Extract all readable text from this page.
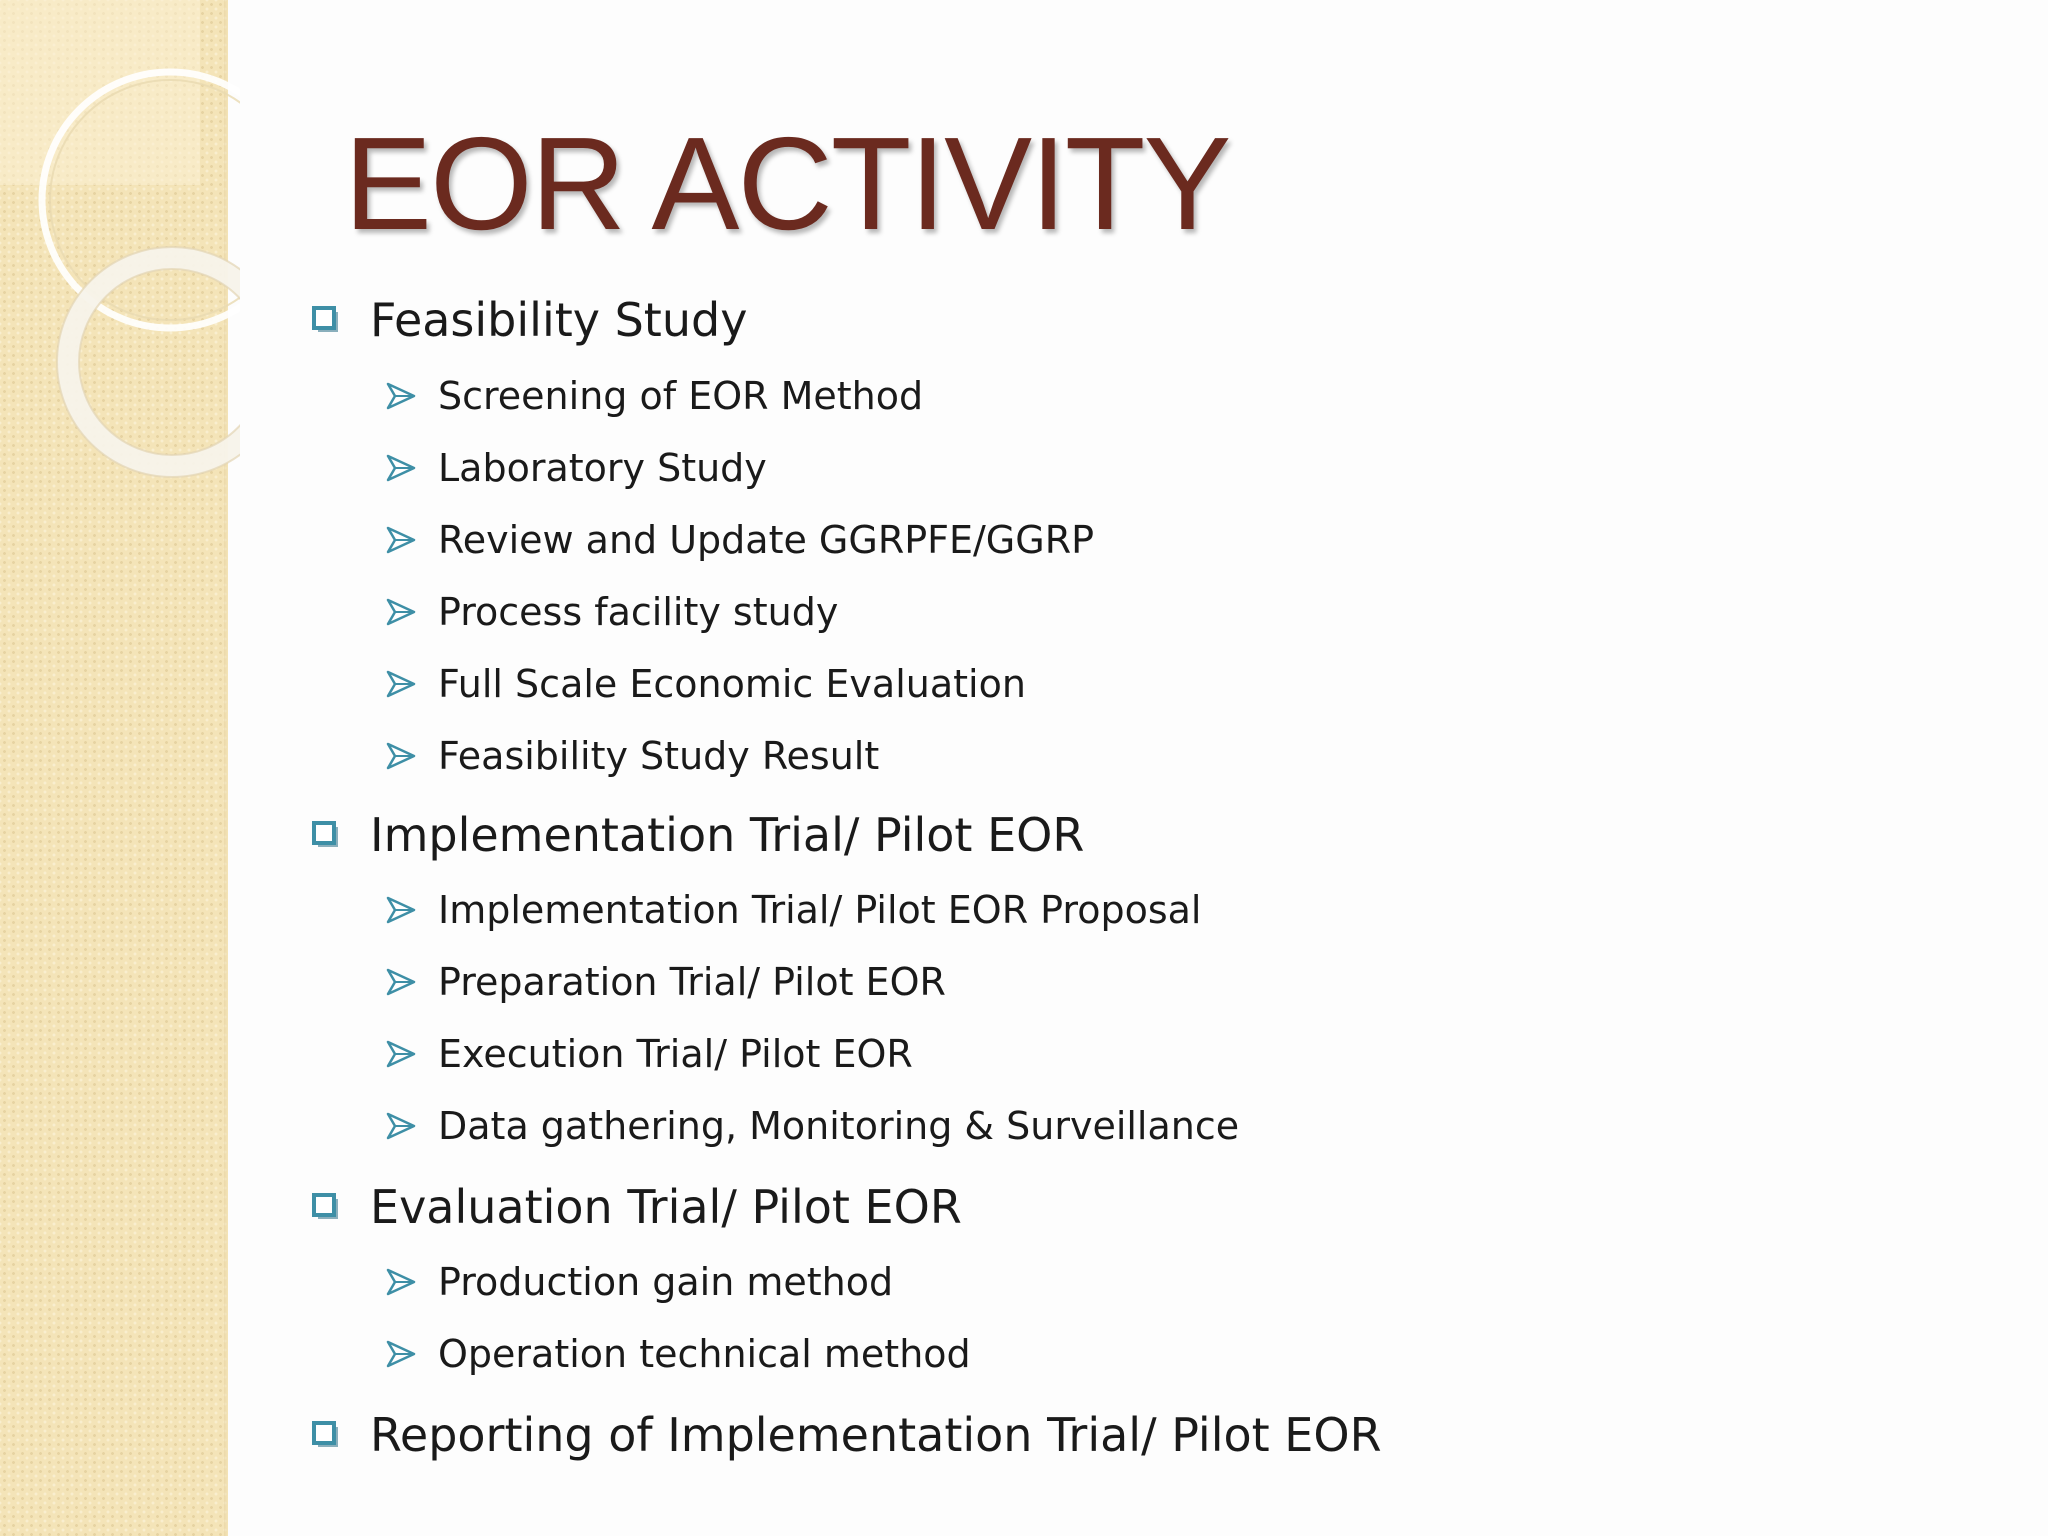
EOR ACTIVITY
Feasibility Study
Screening of EOR Method
Laboratory Study
Review and Update GGRPFE/GGRP
Process facility study
Full Scale Economic Evaluation
Feasibility Study Result
Implementation Trial/ Pilot EOR
Implementation Trial/ Pilot EOR Proposal
Preparation Trial/ Pilot EOR
Execution Trial/ Pilot EOR
Data gathering, Monitoring & Surveillance
Evaluation Trial/ Pilot EOR
Production gain method
Operation technical method
Reporting of Implementation Trial/ Pilot EOR
